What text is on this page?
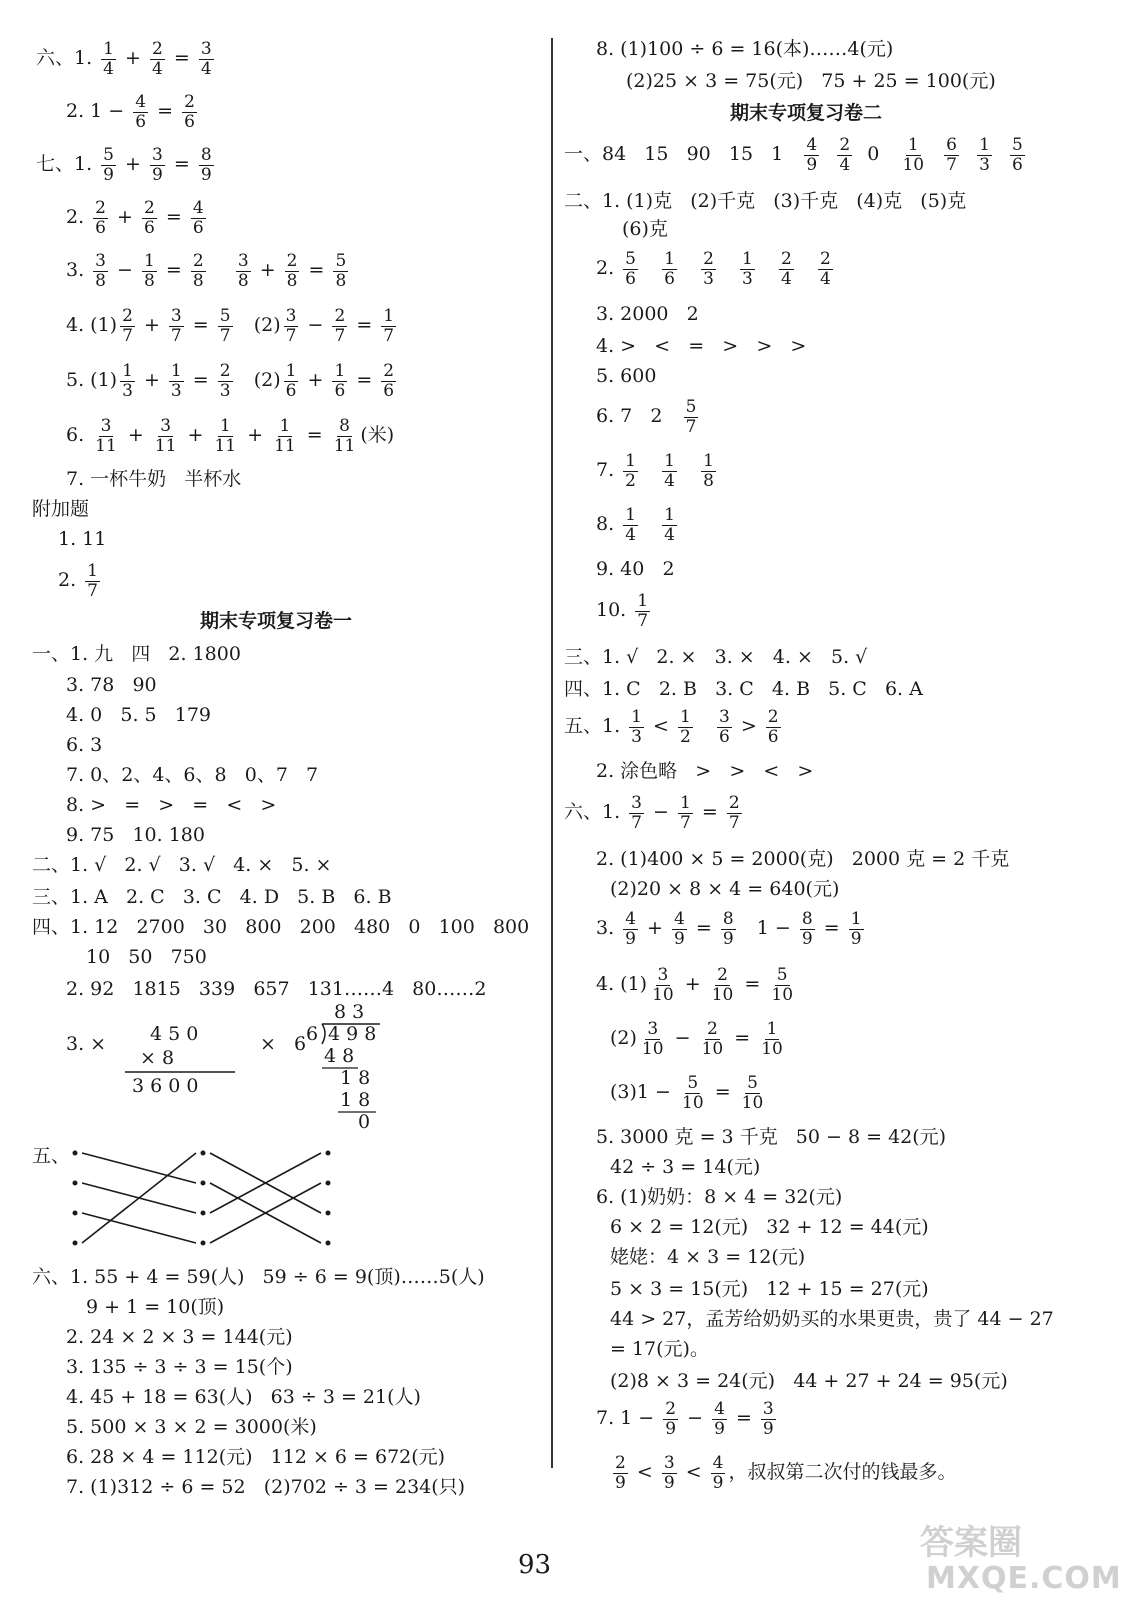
六、1. $\frac{1}{4} + \frac{2}{4} = \frac{3}{4}$
2. $1 - \frac{4}{6} = \frac{2}{6}$
七、1. $\frac{5}{9} + \frac{3}{9} = \frac{8}{9}$
2. $\frac{2}{6} + \frac{2}{6} = \frac{4}{6}$
3. $\frac{3}{8} - \frac{1}{8} = \frac{2}{8}$
$\frac{3}{8} + \frac{2}{8} = \frac{5}{8}$
4. $(1) \frac{2}{7} + \frac{3}{7} = \frac{5}{7} (2) \frac{3}{7} - \frac{2}{7} = \frac{1}{7}$
5. $(1) \frac{1}{3} + \frac{1}{3} = \frac{2}{3} (2) \frac{1}{6} + \frac{1}{6} = \frac{2}{6}$
6. $\frac{3}{11} + \frac{3}{11} + \frac{1}{11} + \frac{1}{11} = \frac{8}{11}$ (米)
7. 一杯牛奶   半杯水
附加题
1. 11
2. $\frac{1}{7}$
期末专项复习卷一
一、1. 九   四   2. 1800
3. 78   90
4. 0   5. 5   179
6. 3
7. 0、2、4、6、8   0、7   7
8. >   =   >   =   <   >
9. 75   10. 180
二、1. √   2. √   3. √   4. ×   5. ×
三、1. A   2. C   3. C   4. D   5. B   6. B
四、1. 12   2700   30   800   200   480   0   100   800
10   50   750
2. 92   1815   339   657   131……4   80……2
3. ×	×   6
五、
六、1. 55 + 4 = 59(人)   59 ÷ 6 = 9(顶)……5(人)
9 + 1 = 10(顶)
2. 24 × 2 × 3 = 144(元)
3. 135 ÷ 3 ÷ 3 = 15(个)
4. 45 + 18 = 63(人)   63 ÷ 3 = 21(人)
5. 500 × 3 × 2 = 3000(米)
6. 28 × 4 = 112(元)   112 × 6 = 672(元)
7. (1)312 ÷ 6 = 52   (2)702 ÷ 3 = 234(只)
8. (1)100 ÷ 6 = 16(本)……4(元)
(2)25 × 3 = 75(元)   75 + 25 = 100(元)
期末专项复习卷二
一、84   15   90   15   $1 \frac{4}{9}$
$\frac{2}{4} 0 \frac{1}{10}$
$\frac{6}{7}$
$\frac{1}{3}$
$\frac{5}{6}$
二、1. (1)克   (2)千克   (3)千克   (4)克   (5)克
(6)克
2. $\frac{5}{6}$
$\frac{1}{6}$
$\frac{2}{3}$
$\frac{1}{3}$
$\frac{2}{4}$
$\frac{2}{4}$
3. 2000   2
4. >   <   =   >   >   >
5. 600
6. 7   $2 \frac{5}{7}$
7. $\frac{1}{2}$
$\frac{1}{4}$
$\frac{1}{8}$
8. $\frac{1}{4}$
$\frac{1}{4}$
9. 40   2
10. $\frac{1}{7}$
三、1. √   2. ×   3. ×   4. ×   5. √
四、1. C   2. B   3. C   4. B   5. C   6. A
五、1. $\frac{1}{3} < \frac{1}{2}$
$\frac{3}{6} > \frac{2}{6}$
2. 涂色略   >   >   <   >
六、1. $\frac{3}{7} - \frac{1}{7} = \frac{2}{7}$
2. (1)400 × 5 = 2000(克)   2000 克 = 2 千克
(2)20 × 8 × 4 = 640(元)
3. $\frac{4}{9} + \frac{4}{9} = \frac{8}{9} 1 - \frac{8}{9} = \frac{1}{9}$
4. $(1) \frac{3}{10} + \frac{2}{10} = \frac{5}{10}$
$(2) \frac{3}{10} - \frac{2}{10} = \frac{1}{10}$
$(3)1 - \frac{5}{10} = \frac{5}{10}$
5. 3000 克 = 3 千克   50 − 8 = 42(元)
42 ÷ 3 = 14(元)
6. (1)奶奶：8 × 4 = 32(元)
6 × 2 = 12(元)   32 + 12 = 44(元)
姥姥：4 × 3 = 12(元)
5 × 3 = 15(元)   12 + 15 = 27(元)
44 > 27，孟芳给奶奶买的水果更贵，贵了 44 − 27
= 17(元)。
(2)8 × 3 = 24(元)   44 + 27 + 24 = 95(元)
7. $1 - \frac{2}{9} - \frac{4}{9} = \frac{3}{9}$
$\frac{2}{9} < \frac{3}{9} < \frac{4}{9}$ ，叔叔第二次付的钱最多。
4 5 0
× 8
3 6 0 0
8 3
6 4 9 8
4 8
1 8
1 8
0
93
答案圈
MXQE.COM
